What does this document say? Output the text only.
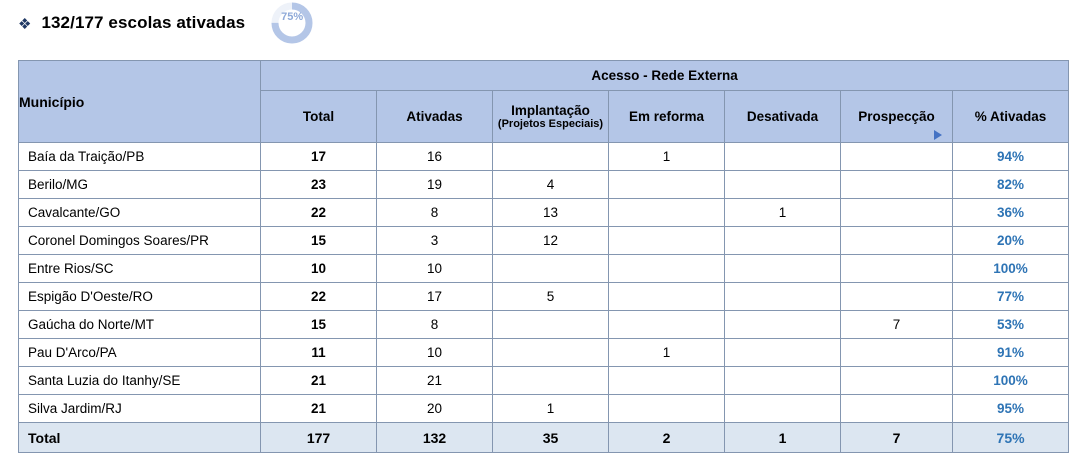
❖ 132/177 escolas ativadas	75%
Município	Acesso - Rede Externa						
	Total	Ativadas	Implantação
(Projetos Especiais)	Em reforma	Desativada	Prospecção	% Ativadas
Baía da Traição/PB	17	16		1			94%
Berilo/MG	23	19	4				82%
Cavalcante/GO	22	8	13		1		36%
Coronel Domingos Soares/PR	15	3	12				20%
Entre Rios/SC	10	10					100%
Espigão D'Oeste/RO	22	17	5				77%
Gaúcha do Norte/MT	15	8				7	53%
Pau D'Arco/PA	11	10		1			91%
Santa Luzia do Itanhy/SE	21	21					100%
Silva Jardim/RJ	21	20	1				95%
Total	177	132	35	2	1	7	75%
